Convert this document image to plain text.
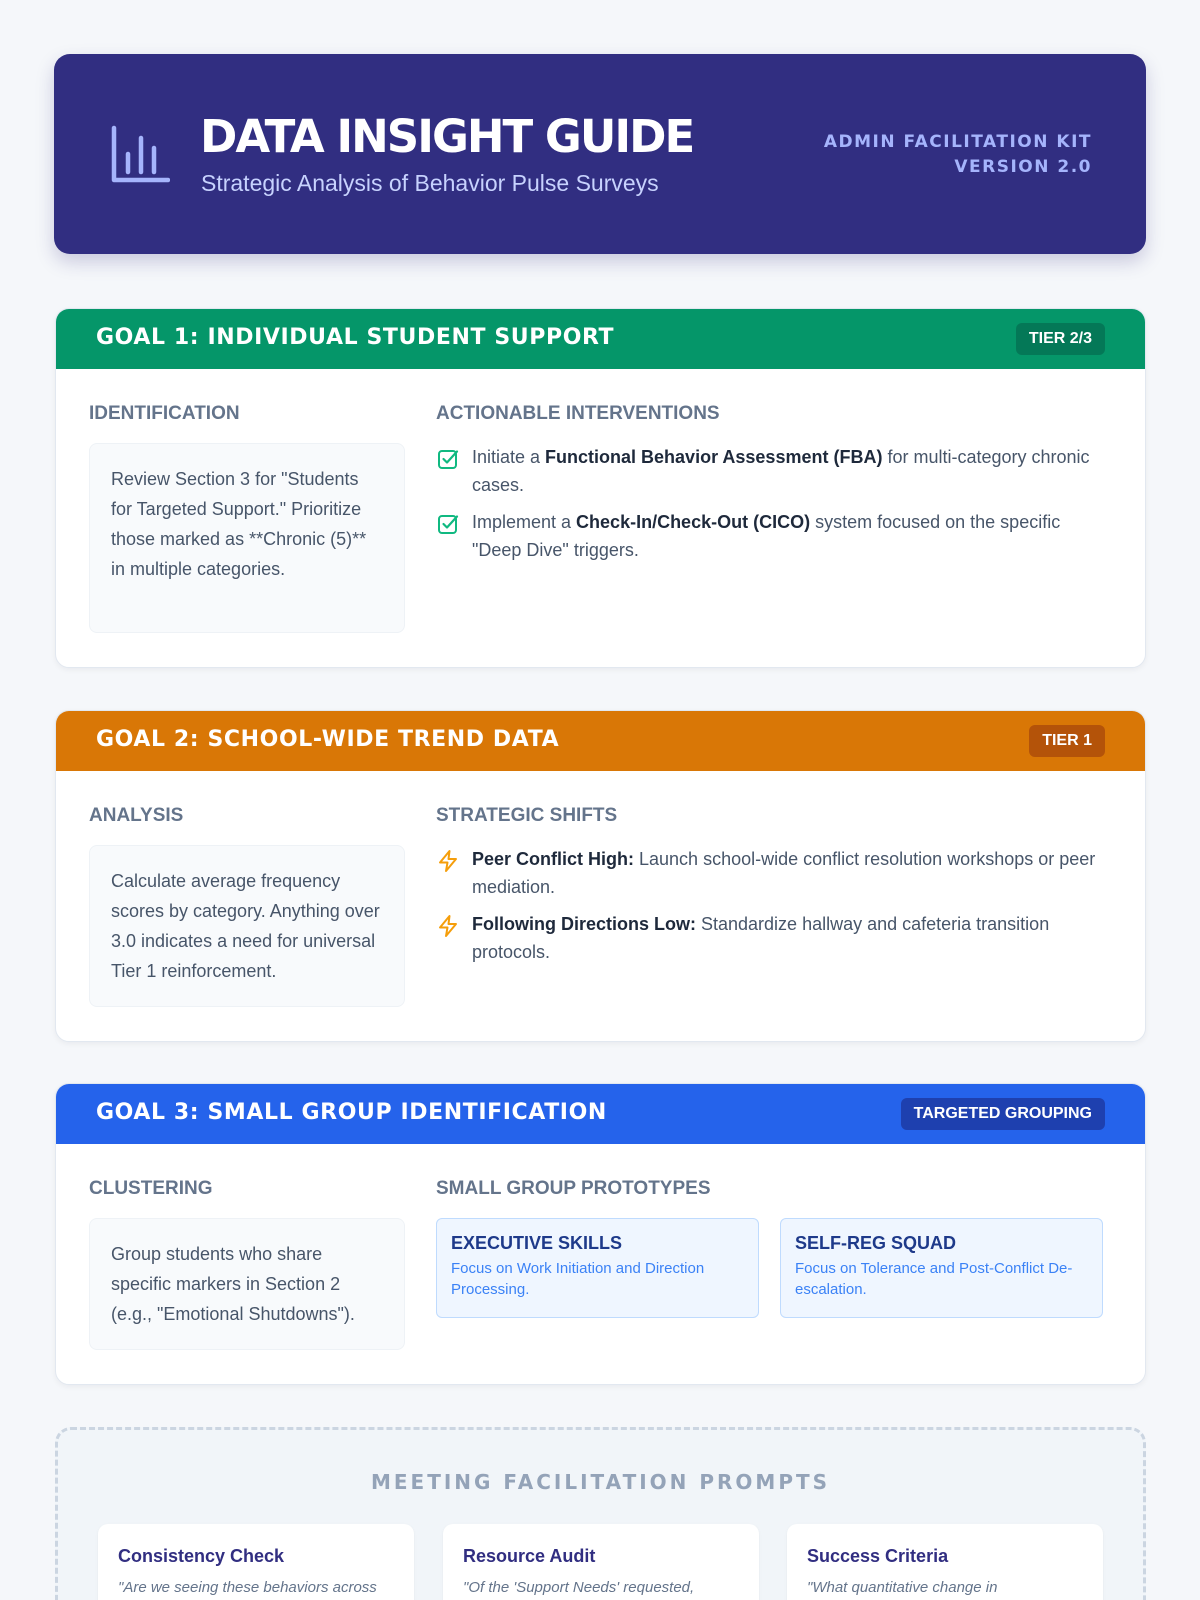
DATA INSIGHT GUIDE
Strategic Analysis of Behavior Pulse Surveys
ADMIN FACILITATION KIT
VERSION 2.0
GOAL 1: INDIVIDUAL STUDENT SUPPORT	TIER 2/3
IDENTIFICATION
Review Section 3 for "Students for Targeted Support." Prioritize those marked as **Chronic (5)** in multiple categories.
ACTIONABLE INTERVENTIONS
Initiate a Functional Behavior Assessment (FBA) for multi-category chronic cases.
Implement a Check-In/Check-Out (CICO) system focused on the specific "Deep Dive" triggers.
GOAL 2: SCHOOL-WIDE TREND DATA	TIER 1
ANALYSIS
Calculate average frequency scores by category. Anything over 3.0 indicates a need for universal Tier 1 reinforcement.
STRATEGIC SHIFTS
Peer Conflict High: Launch school-wide conflict resolution workshops or peer mediation.
Following Directions Low: Standardize hallway and cafeteria transition protocols.
GOAL 3: SMALL GROUP IDENTIFICATION	TARGETED GROUPING
CLUSTERING
Group students who share specific markers in Section 2 (e.g., "Emotional Shutdowns").
SMALL GROUP PROTOTYPES
EXECUTIVE SKILLS
Focus on Work Initiation and Direction Processing.
SELF-REG SQUAD
Focus on Tolerance and Post-Conflict De-escalation.
MEETING FACILITATION PROMPTS
Consistency Check
"Are we seeing these behaviors across
Resource Audit
"Of the 'Support Needs' requested,
Success Criteria
"What quantitative change in
